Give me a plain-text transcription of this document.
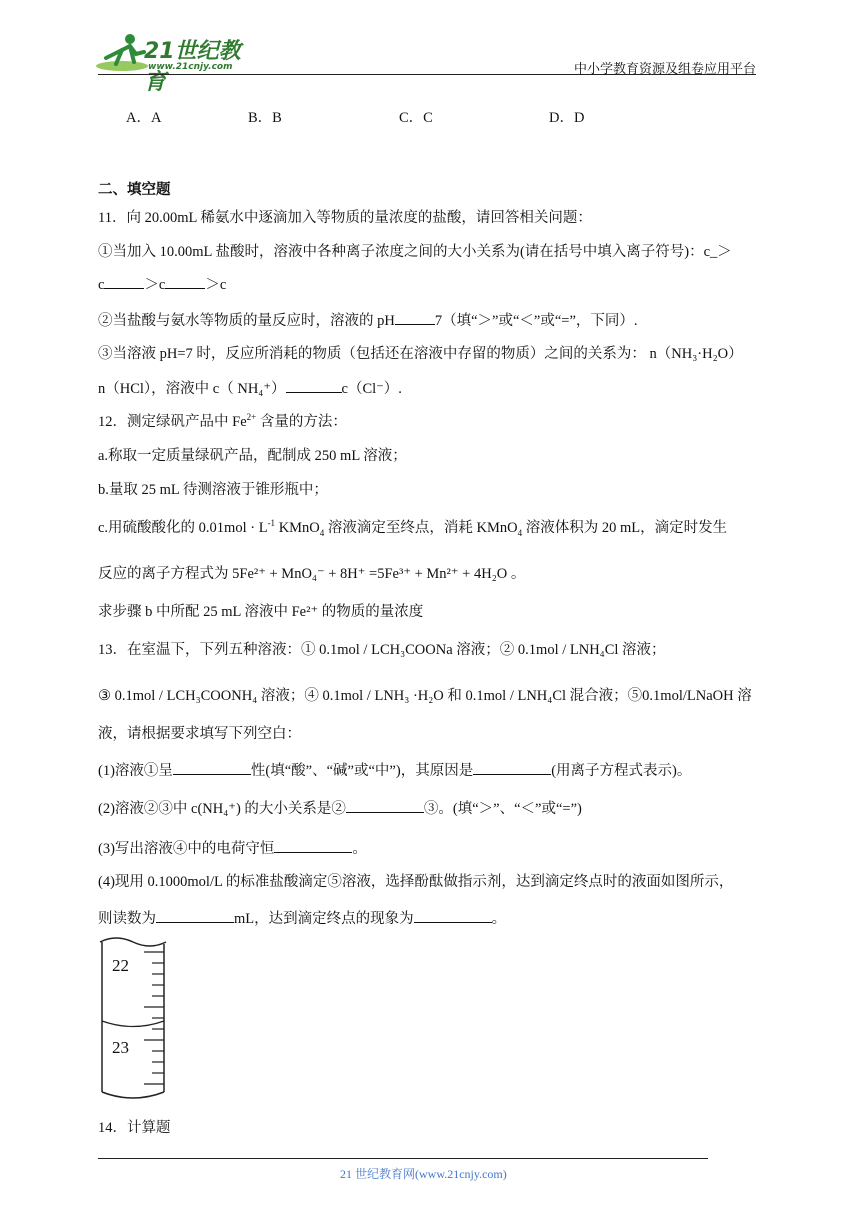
21世纪教育
www.21cnjy.com	中小学教育资源及组卷应用平台
A．A	B．B	C．C	D．D
二、填空题
11．向 20.00mL 稀氨水中逐滴加入等物质的量浓度的盐酸，请回答相关问题：
①当加入 10.00mL 盐酸时，溶液中各种离子浓度之间的大小关系为(请在括号中填入离子符号)：c_＞
c	＞c	＞c
②当盐酸与氨水等物质的量反应时，溶液的 pH	7（填“＞”或“＜”或“=”，下同）.
③当溶液 pH=7 时，反应所消耗的物质（包括还在溶液中存留的物质）之间的关系为： n（NH₃·H₂O）
n（HCl），溶液中 c（ NH₄⁺）	c（Cl⁻）.
12．测定绿矾产品中 $Fe^{2+}$ 含量的方法：
a.称取一定质量绿矾产品，配制成 250 mL 溶液；
b.量取 25 mL 待测溶液于锥形瓶中；
c.用硫酸酸化的 $0.01mol \cdot L^{-1}$ KMnO$_4$ 溶液滴定至终点，消耗 KMnO$_4$ 溶液体积为 20 mL，滴定时发生
反应的离子方程式为 5Fe²⁺ + MnO₄⁻ + 8H⁺ =5Fe³⁺ + Mn²⁺ + 4H₂O 。
求步骤 b 中所配 25 mL 溶液中 Fe²⁺ 的物质的量浓度
13．在室温下，下列五种溶液：① 0.1mol / LCH₃COONa 溶液；② 0.1mol / LNH₄Cl 溶液；
③ 0.1mol / LCH₃COONH₄ 溶液；④ 0.1mol / LNH₃ ·H₂O 和 0.1mol / LNH₄Cl 混合液；⑤0.1mol/LNaOH 溶
液，请根据要求填写下列空白：
(1)溶液①呈	性(填“酸”、“碱”或“中”)，其原因是	(用离子方程式表示)。
(2)溶液②③中 c(NH₄⁺) 的大小关系是②	③。(填“＞”、“＜”或“=”)
(3)写出溶液④中的电荷守恒	。
(4)现用 0.1000mol/L 的标准盐酸滴定⑤溶液，选择酚酞做指示剂，达到滴定终点时的液面如图所示，
则读数为	mL，达到滴定终点的现象为	。
22
23
14．计算题
21 世纪教育网(www.21cnjy.com)
